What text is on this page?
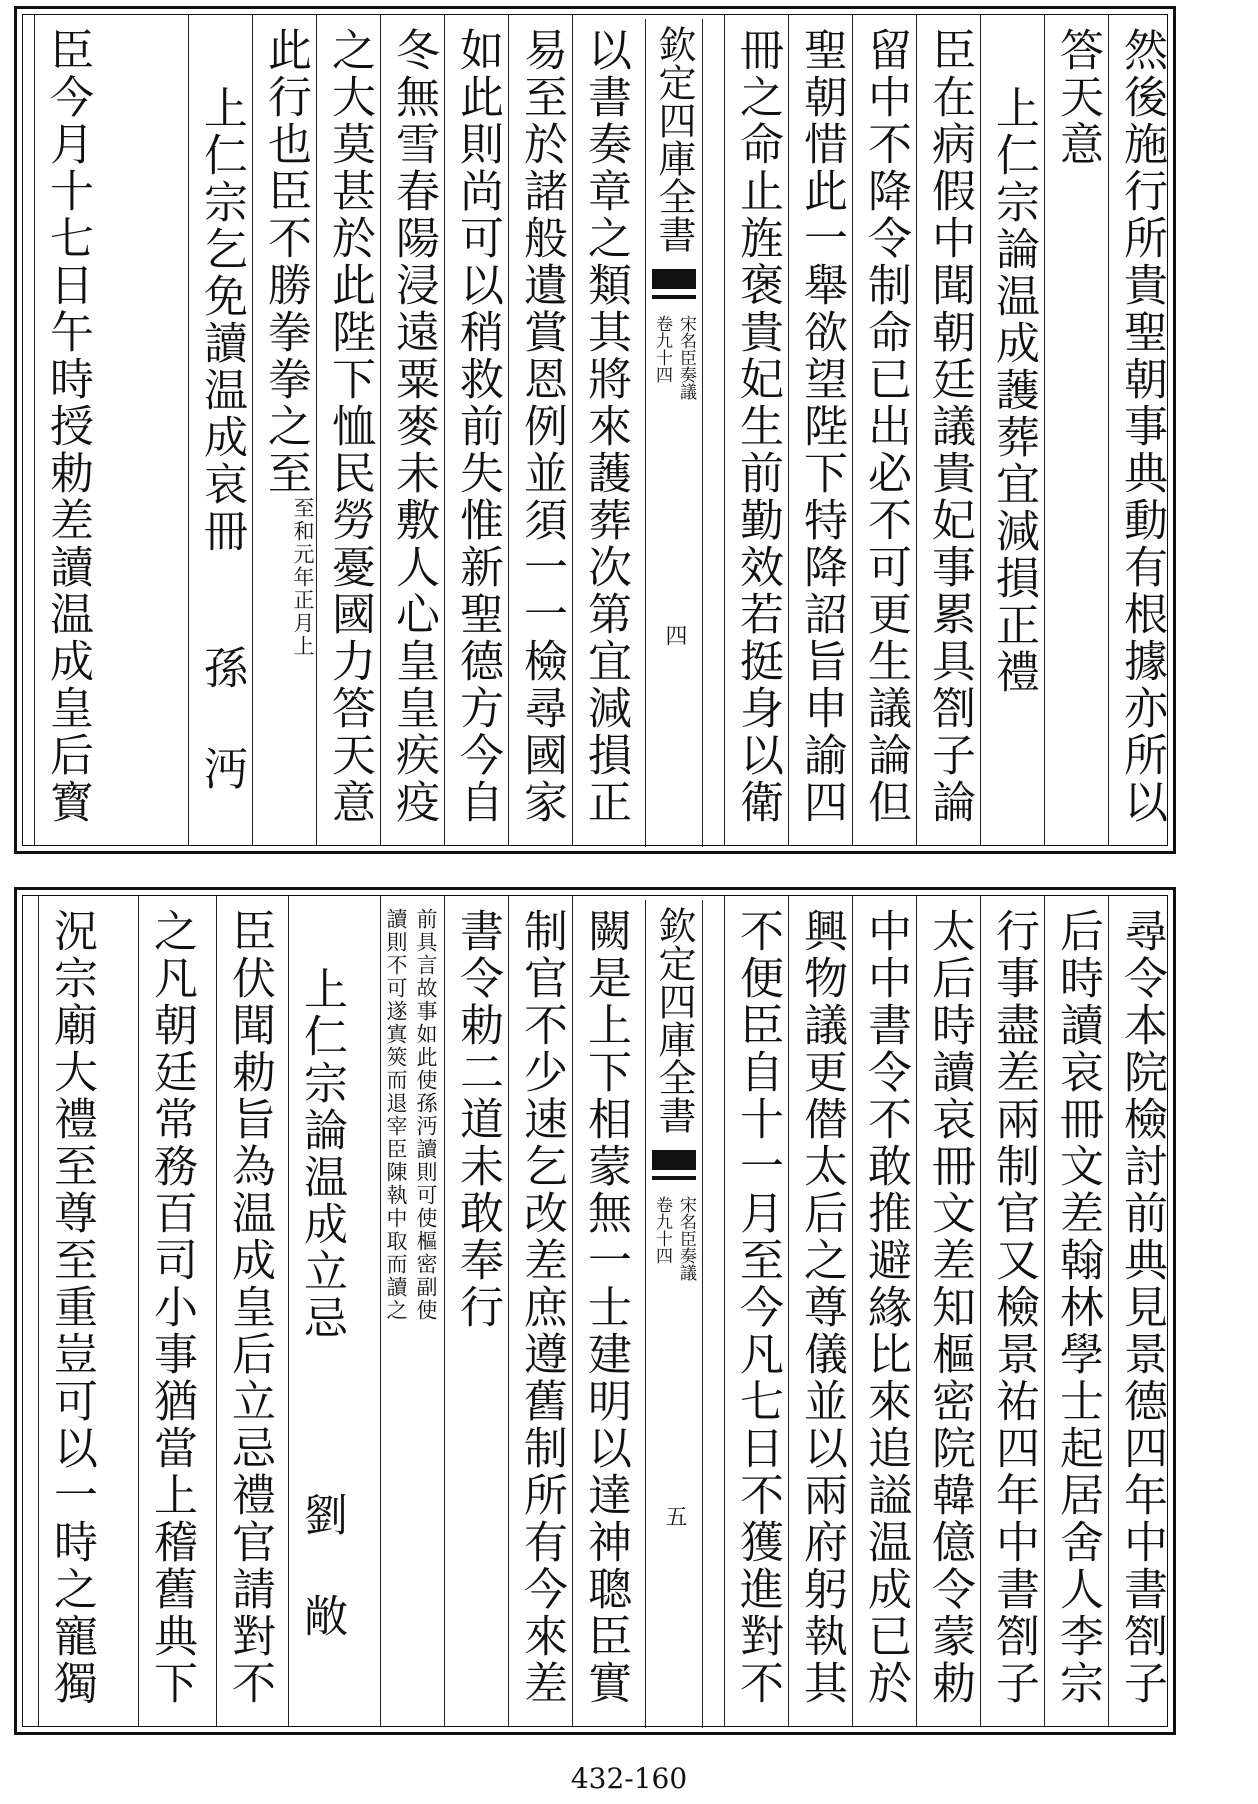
然後施行所貴聖朝事典動有根據亦所以
答天意
上仁宗論温成䕶葬宜減損正禮
臣在病假中聞朝廷議貴妃事累具劄子論
留中不降令制命已出必不可更生議論但
聖朝惜此一舉欲望陛下特降詔旨申諭四
冊之命止旌褒貴妃生前勤效若挺身以衛
欽定四庫全書
宋名臣奏議
卷九十四
四
以書奏章之類其將來䕶葬次第宜減損正
易至於諸般遺賞恩例並須一一檢尋國家
如此則尚可以稍救前失惟新聖德方今自
冬無雪春陽浸遠粟麥未敷人心皇皇疾疫
之大莫甚於此陛下恤民勞憂國力答天意
此行也臣不勝拳拳之至至和元年正月上
上仁宗乞免讀温成哀冊孫 沔
臣今月十七日午時授勅差讀温成皇后寳
尋令本院檢討前典見景德四年中書劄子
后時讀哀冊文差翰林學士起居舍人李宗
行事盡差兩制官又檢景祐四年中書劄子
太后時讀哀冊文差知樞密院韓億令蒙勅
中中書令不敢推避緣比來追謚温成已於
興物議更僣太后之尊儀並以兩府躬執其
不便臣自十一月至今凡七日不獲進對不
欽定四庫全書
宋名臣奏議
卷九十四
五
闕是上下相蒙無一士建明以達神聰臣實
制官不少速乞改差庶遵舊制所有今來差
書令勅二道未敢奉行
前具言故事如此使孫沔讀則可使樞密副使
讀則不可遂寘筴而退宰臣陳執中取而讀之
上仁宗論温成立忌劉 敞
臣伏聞勅旨為温成皇后立忌禮官請對不
之凡朝廷常務百司小事猶當上稽舊典下
況宗廟大禮至尊至重豈可以一時之寵獨
432-160
